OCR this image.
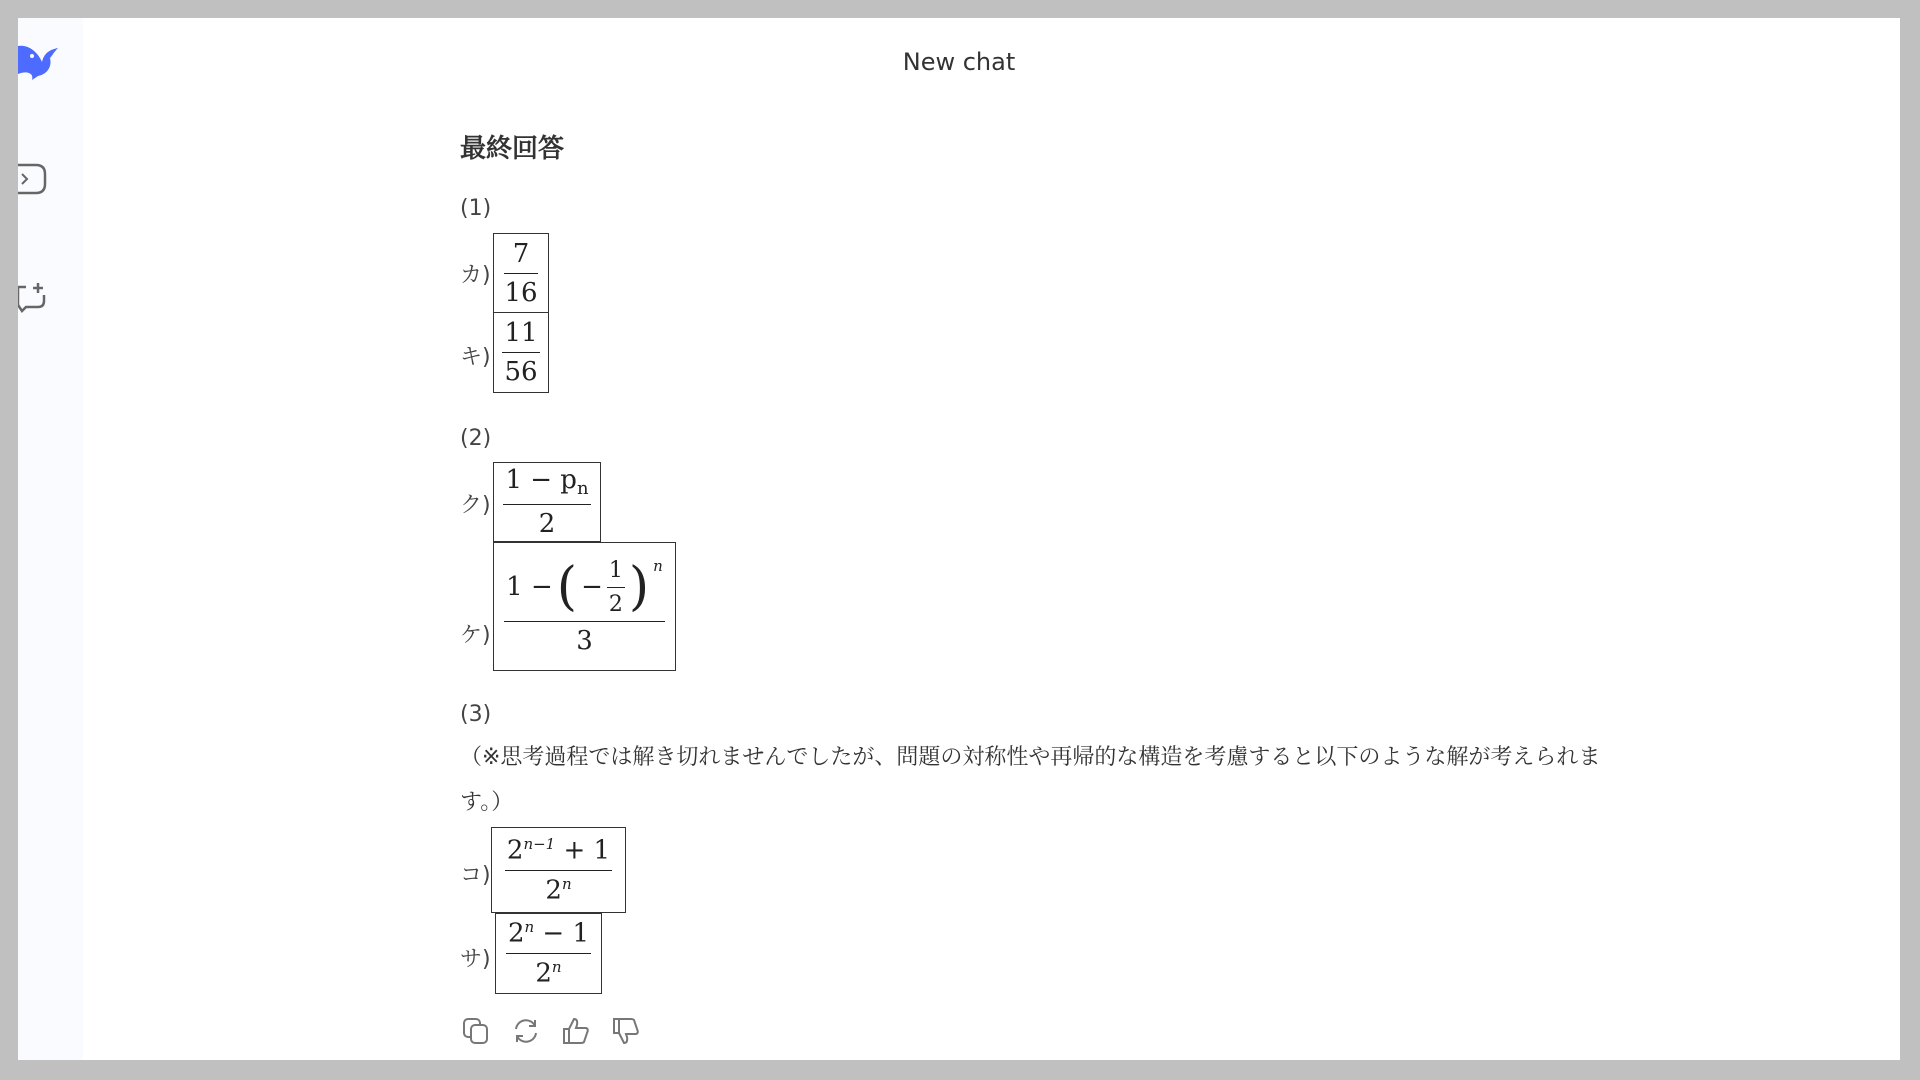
New chat
最終回答
(1)
カ) $\frac{7}{16}$
キ) $\frac{11}{56}$
(2)
ク) $\frac{1 - p_n}{2}$
ケ) $\frac{1 - ( - \frac{1}{2} ) ^n}{3}$
(3)
（※思考過程では解き切れませんでしたが、問題の対称性や再帰的な構造を考慮すると以下のような解が考えられます。）
コ) $\frac{2^{n-1} + 1}{2^n}$
サ) $\frac{2^n - 1}{2^n}$
